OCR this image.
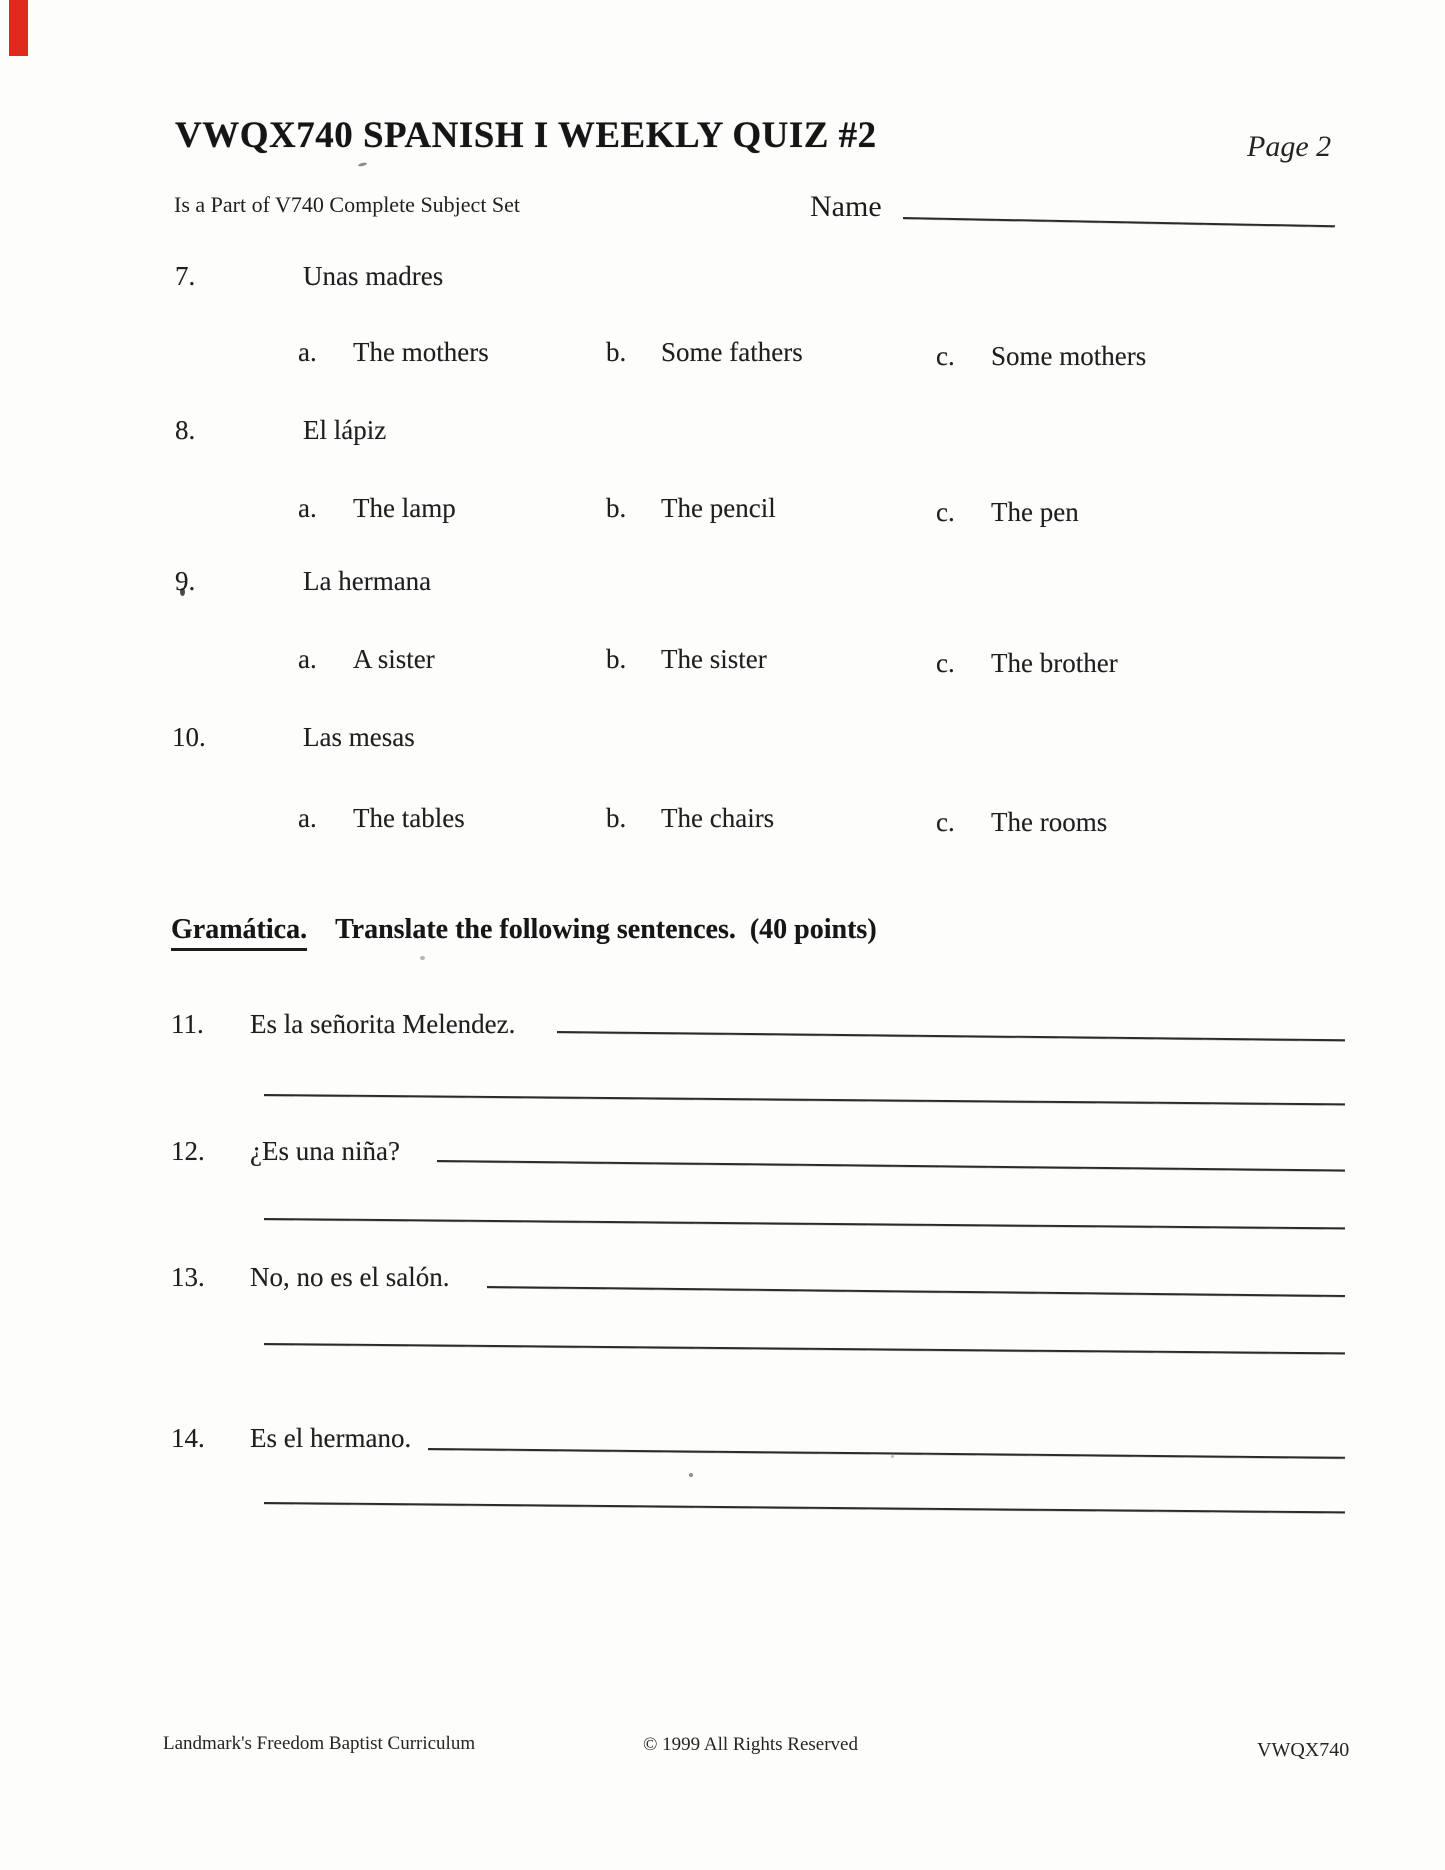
VWQX740 SPANISH I WEEKLY QUIZ #2	Page 2
Is a Part of V740 Complete Subject Set	Name
7.	Unas madres
a. The mothers	b. Some fathers	c. Some mothers
8.	El lápiz
a. The lamp	b. The pencil	c. The pen
9.	La hermana
a. A sister	b. The sister	c. The brother
10.	Las mesas
a. The tables	b. The chairs	c. The rooms
Gramática. Translate the following sentences. (40 points)
11. Es la señorita Melendez.
12. ¿Es una niña?
13. No, no es el salón.
14. Es el hermano.
Landmark's Freedom Baptist Curriculum	© 1999 All Rights Reserved	VWQX740
